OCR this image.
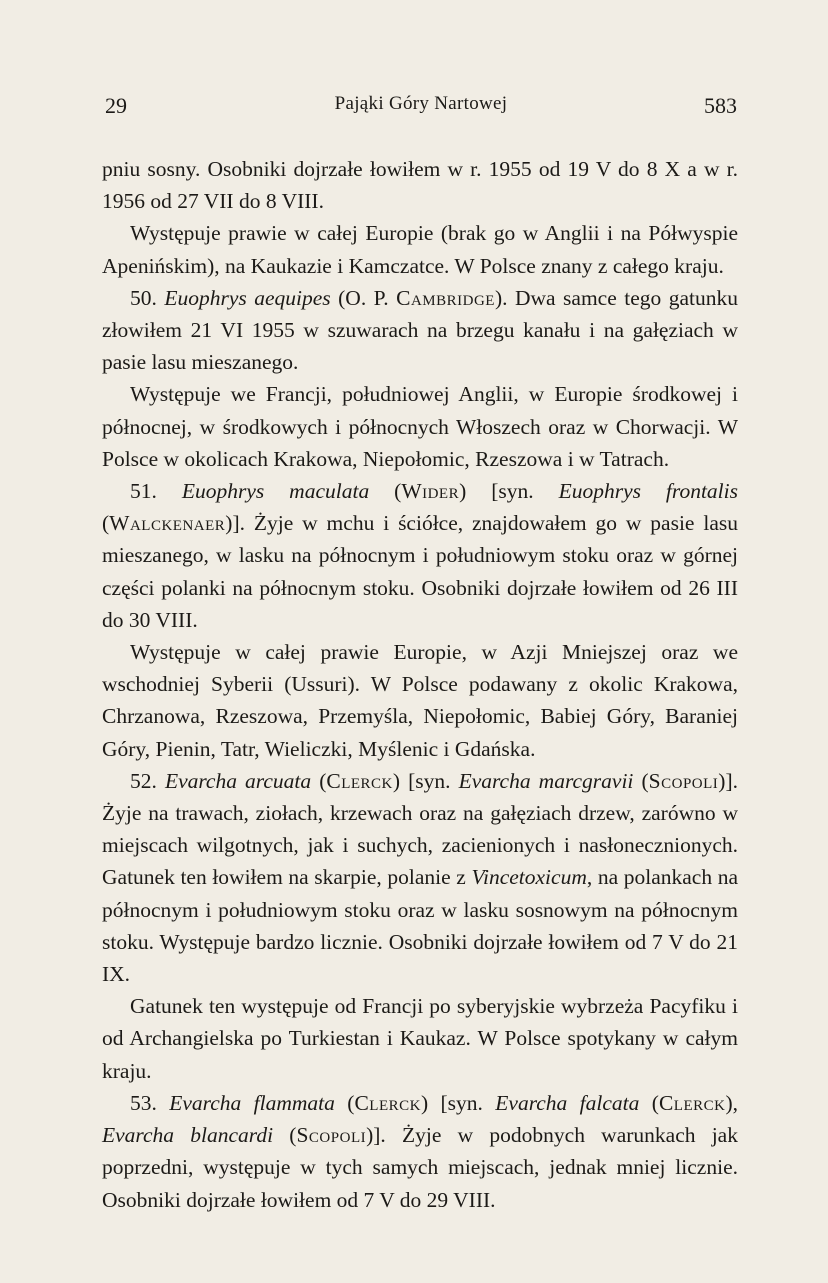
29	Pająki Góry Nartowej	583

pniu sosny. Osobniki dojrzałe łowiłem w r. 1955 od 19 V do 8 X a w r. 1956 od 27 VII do 8 VIII.

Występuje prawie w całej Europie (brak go w Anglii i na Półwyspie Apenińskim), na Kaukazie i Kamczatce. W Polsce znany z całego kraju.

50. Euophrys aequipes (O. P. Cambridge). Dwa samce tego gatunku złowiłem 21 VI 1955 w szuwarach na brzegu kanału i na gałęziach w pasie lasu mieszanego.

Występuje we Francji, południowej Anglii, w Europie środkowej i północnej, w środkowych i północnych Włoszech oraz w Chorwacji. W Polsce w okolicach Krakowa, Niepołomic, Rzeszowa i w Tatrach.

51. Euophrys maculata (Wider) [syn. Euophrys frontalis (Walckenaer)]. Żyje w mchu i ściółce, znajdowałem go w pasie lasu mieszanego, w lasku na północnym i południowym stoku oraz w górnej części polanki na północnym stoku. Osobniki dojrzałe łowiłem od 26 III do 30 VIII.

Występuje w całej prawie Europie, w Azji Mniejszej oraz we wschodniej Syberii (Ussuri). W Polsce podawany z okolic Krakowa, Chrzanowa, Rzeszowa, Przemyśla, Niepołomic, Babiej Góry, Baraniej Góry, Pienin, Tatr, Wieliczki, Myślenic i Gdańska.

52. Evarcha arcuata (Clerck) [syn. Evarcha marcgravii (Scopoli)]. Żyje na trawach, ziołach, krzewach oraz na gałęziach drzew, zarówno w miejscach wilgotnych, jak i suchych, zacienionych i nasłonecznionych. Gatunek ten łowiłem na skarpie, polanie z Vincetoxicum, na polankach na północnym i południowym stoku oraz w lasku sosnowym na północnym stoku. Występuje bardzo licznie. Osobniki dojrzałe łowiłem od 7 V do 21 IX.

Gatunek ten występuje od Francji po syberyjskie wybrzeża Pacyfiku i od Archangielska po Turkiestan i Kaukaz. W Polsce spotykany w całym kraju.

53. Evarcha flammata (Clerck) [syn. Evarcha falcata (Clerck), Evarcha blancardi (Scopoli)]. Żyje w podobnych warunkach jak poprzedni, występuje w tych samych miejscach, jednak mniej licznie. Osobniki dojrzałe łowiłem od 7 V do 29 VIII.
